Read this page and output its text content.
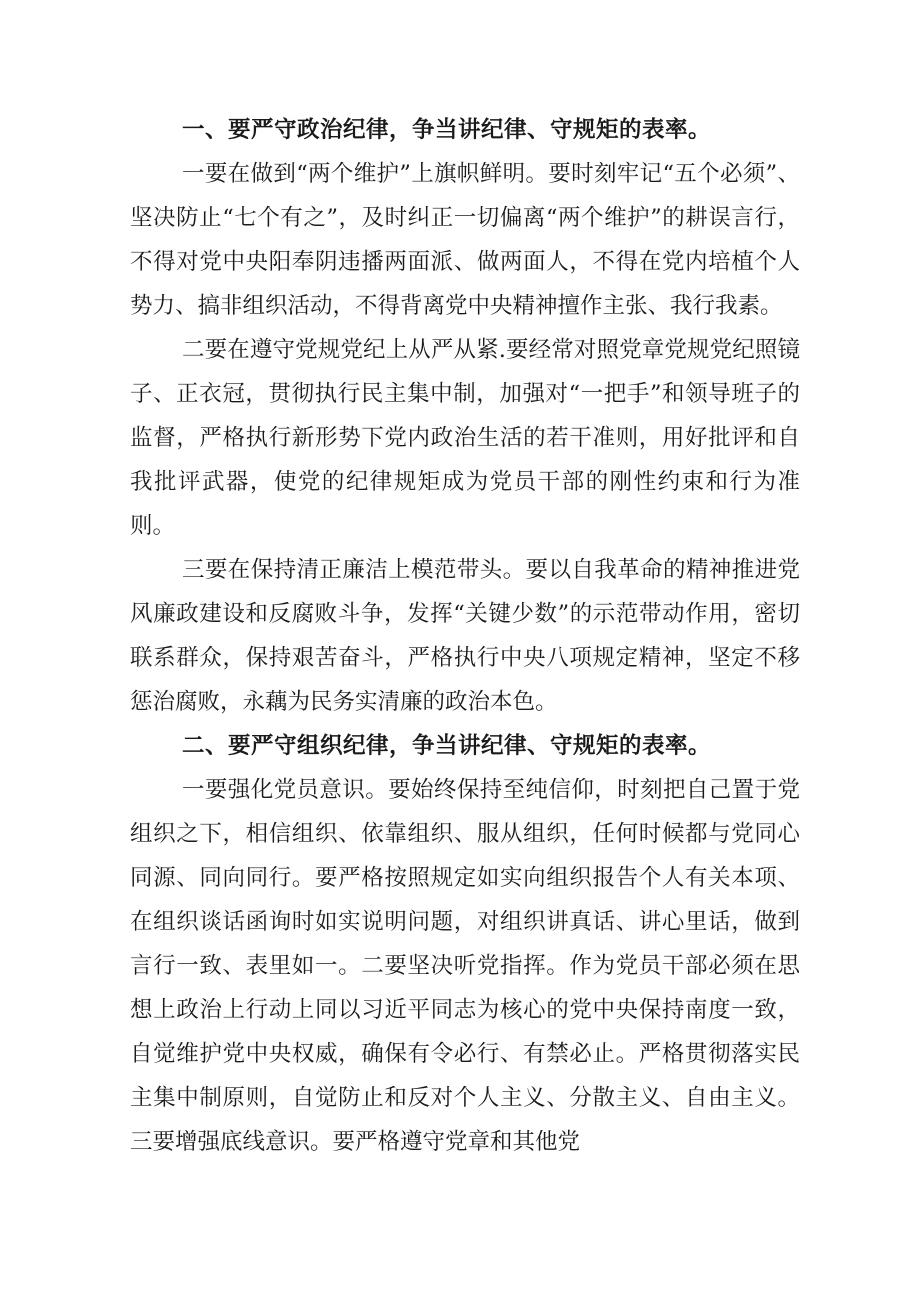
一、要严守政治纪律，争当讲纪律、守规矩的表率。

一要在做到“两个维护”上旗帜鲜明。要时刻牢记“五个必须”、坚决防止“七个有之”，及时纠正一切偏离“两个维护”的耕误言行，不得对党中央阳奉阴违播两面派、做两面人，不得在党内培植个人势力、搞非组织活动，不得背离党中央精神擅作主张、我行我素。

二要在遵守党规党纪上从严从紧.要经常对照党章党规党纪照镜子、正衣冠，贯彻执行民主集中制，加强对“一把手”和领导班子的监督，严格执行新形势下党内政治生活的若干准则，用好批评和自我批评武器，使党的纪律规矩成为党员干部的刚性约束和行为准则。

三要在保持清正廉洁上模范带头。要以自我革命的精神推进党风廉政建设和反腐败斗争，发挥“关键少数”的示范带动作用，密切联系群众，保持艰苦奋斗，严格执行中央八项规定精神，坚定不移惩治腐败，永藕为民务实清廉的政治本色。

二、要严守组织纪律，争当讲纪律、守规矩的表率。

一要强化党员意识。要始终保持至纯信仰，时刻把自己置于党组织之下，相信组织、依靠组织、服从组织，任何时候都与党同心同源、同向同行。要严格按照规定如实向组织报告个人有关本项、在组织谈话函询时如实说明问题，对组织讲真话、讲心里话，做到言行一致、表里如一。二要坚决听党指挥。作为党员干部必须在思想上政治上行动上同以习近平同志为核心的党中央保持南度一致，自觉维护党中央权威，确保有令必行、有禁必止。严格贯彻落实民主集中制原则，自觉防止和反对个人主义、分散主义、自由主义。三要增强底线意识。要严格遵守党章和其他党
